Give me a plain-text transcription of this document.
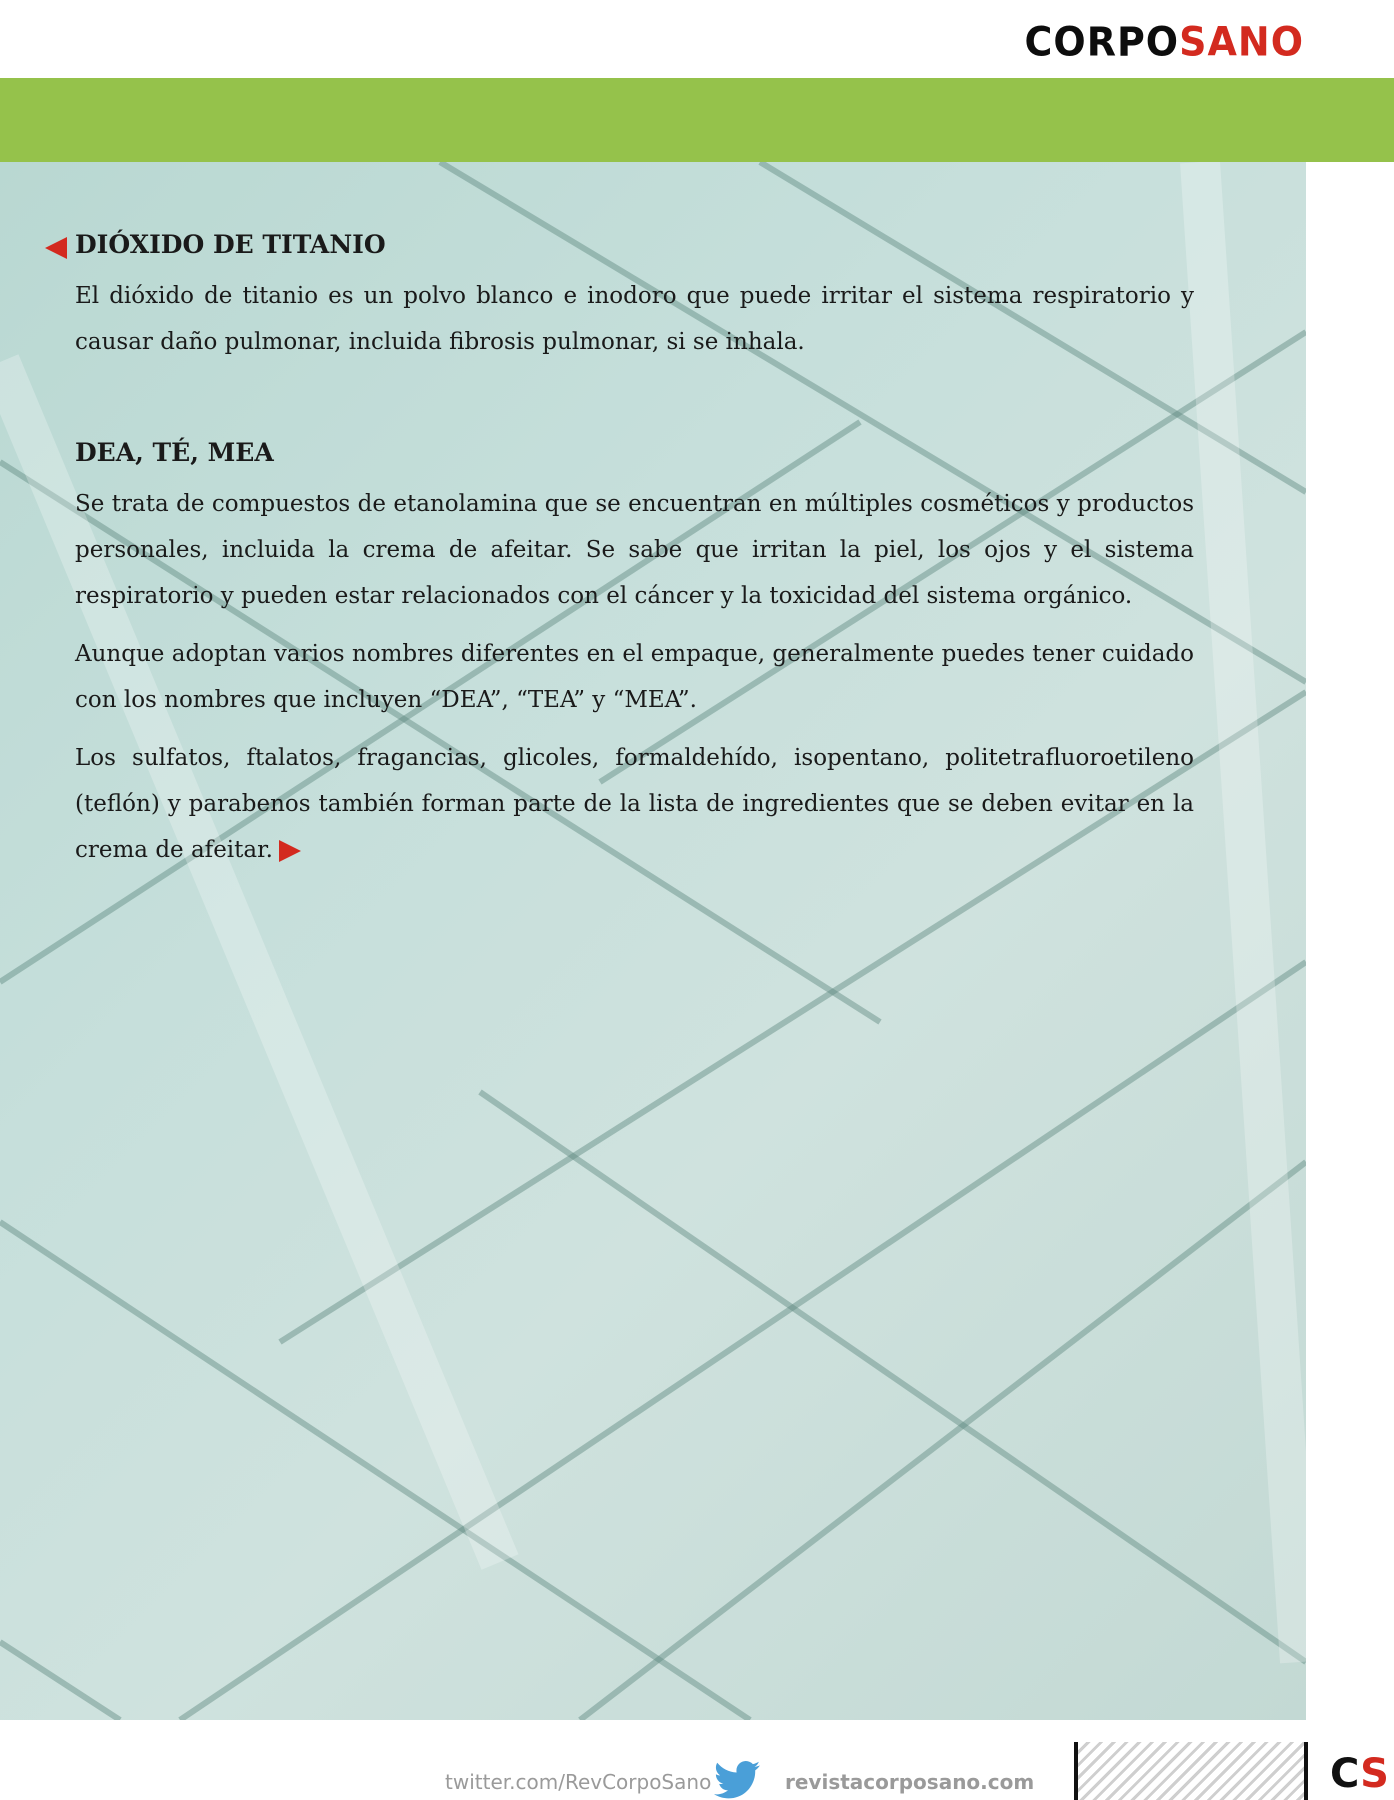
CORPOSANO
DIÓXIDO DE TITANIO

El dióxido de titanio es un polvo blanco e inodoro que puede irritar el sistema respiratorio y causar daño pulmonar, incluida fibrosis pulmonar, si se inhala.

DEA, TÉ, MEA

Se trata de compuestos de etanolamina que se encuentran en múltiples cosméticos y productos personales, incluida la crema de afeitar. Se sabe que irritan la piel, los ojos y el sistema respiratorio y pueden estar relacionados con el cáncer y la toxicidad del sistema orgánico.

Aunque adoptan varios nombres diferentes en el empaque, generalmente puedes tener cuidado con los nombres que incluyen “DEA”, “TEA” y “MEA”.

Los sulfatos, ftalatos, fragancias, glicoles, formaldehído, isopentano, politetrafluoroetileno (teflón) y parabenos también forman parte de la lista de ingredientes que se deben evitar en la crema de afeitar.

twitter.com/RevCorpoSano	revistacorposano.com	CS
